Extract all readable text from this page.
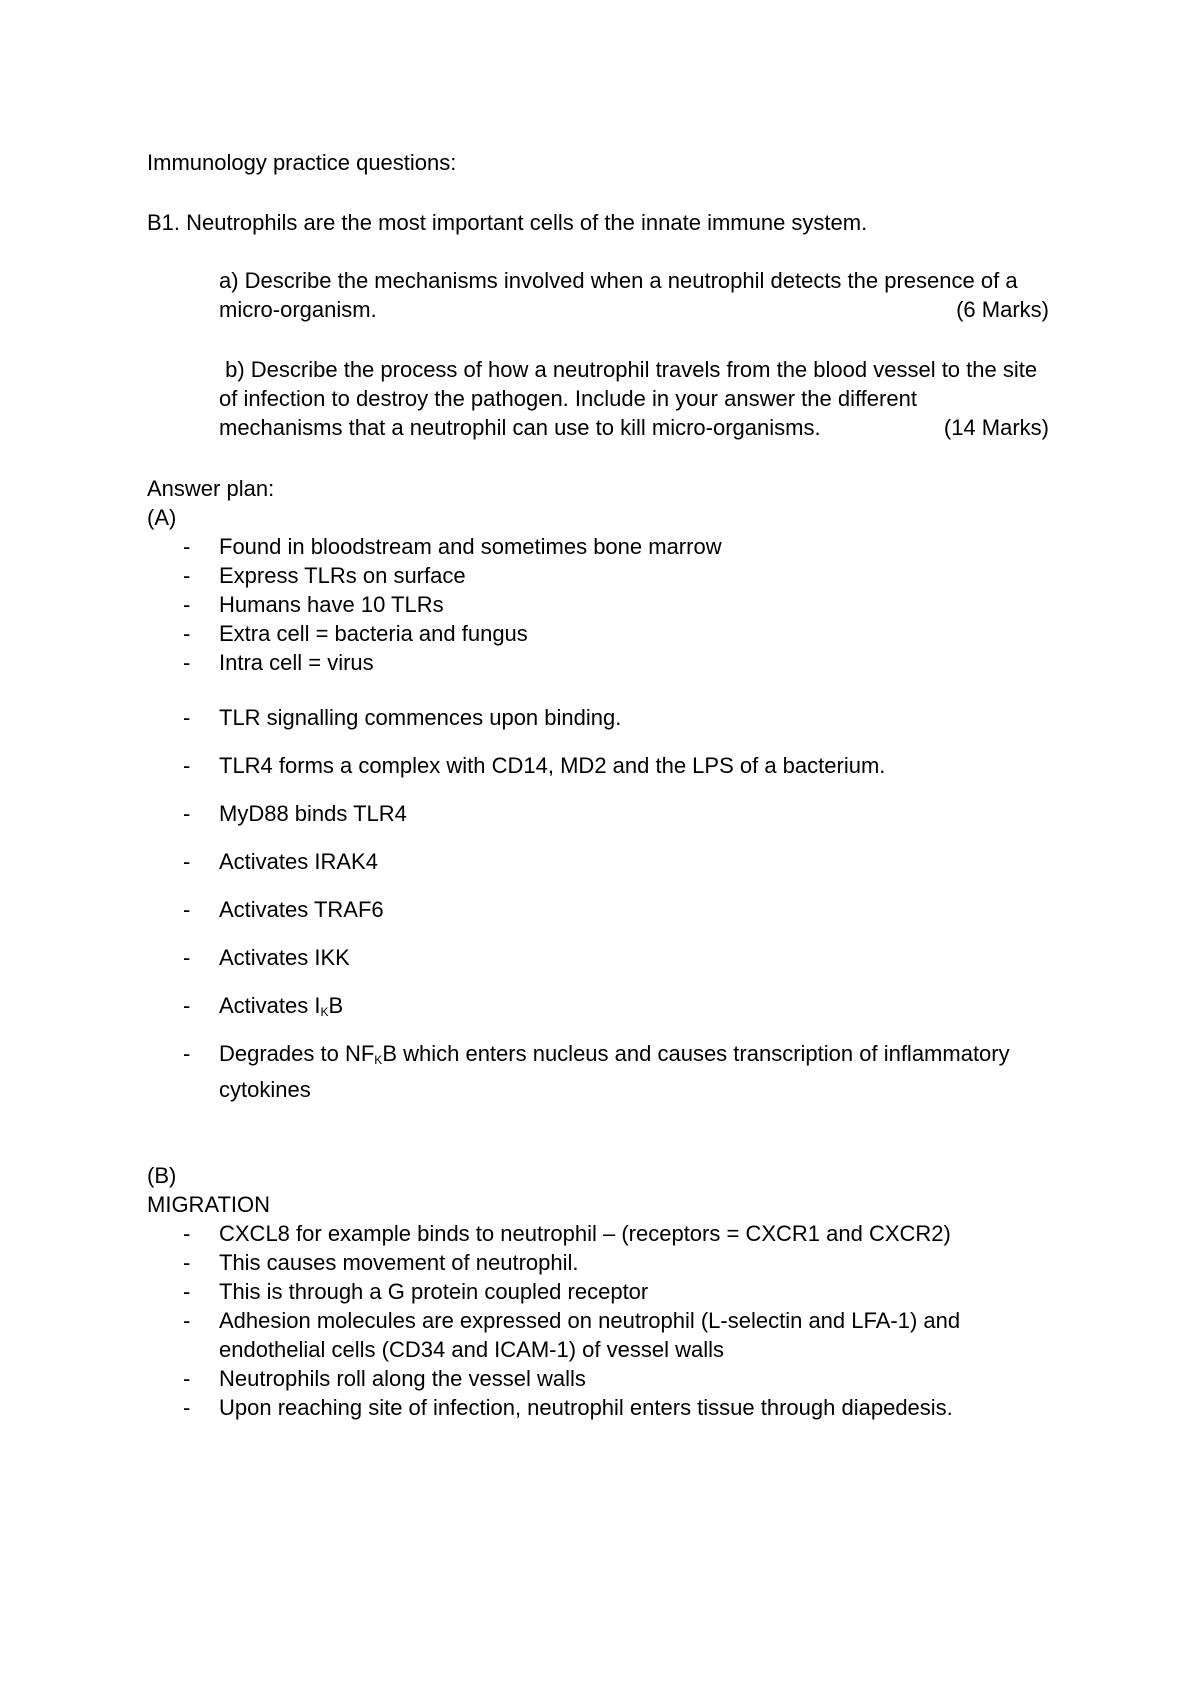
Immunology practice questions:
B1. Neutrophils are the most important cells of the innate immune system.
a) Describe the mechanisms involved when a neutrophil detects the presence of a
micro-organism.	(6 Marks)
b) Describe the process of how a neutrophil travels from the blood vessel to the site
of infection to destroy the pathogen. Include in your answer the different
mechanisms that a neutrophil can use to kill micro-organisms.	(14 Marks)
Answer plan:
(A)
- Found in bloodstream and sometimes bone marrow
- Express TLRs on surface
- Humans have 10 TLRs
- Extra cell = bacteria and fungus
- Intra cell = virus
- TLR signalling commences upon binding.
- TLR4 forms a complex with CD14, MD2 and the LPS of a bacterium.
- MyD88 binds TLR4
- Activates IRAK4
- Activates TRAF6
- Activates IKK
- Activates $I_KB$
- Degrades to $NF_KB$ which enters nucleus and causes transcription of inflammatory cytokines
(B)
MIGRATION
- CXCL8 for example binds to neutrophil – (receptors = CXCR1 and CXCR2)
- This causes movement of neutrophil.
- This is through a G protein coupled receptor
- Adhesion molecules are expressed on neutrophil (L-selectin and LFA-1) and endothelial cells (CD34 and ICAM-1) of vessel walls
- Neutrophils roll along the vessel walls
- Upon reaching site of infection, neutrophil enters tissue through diapedesis.
